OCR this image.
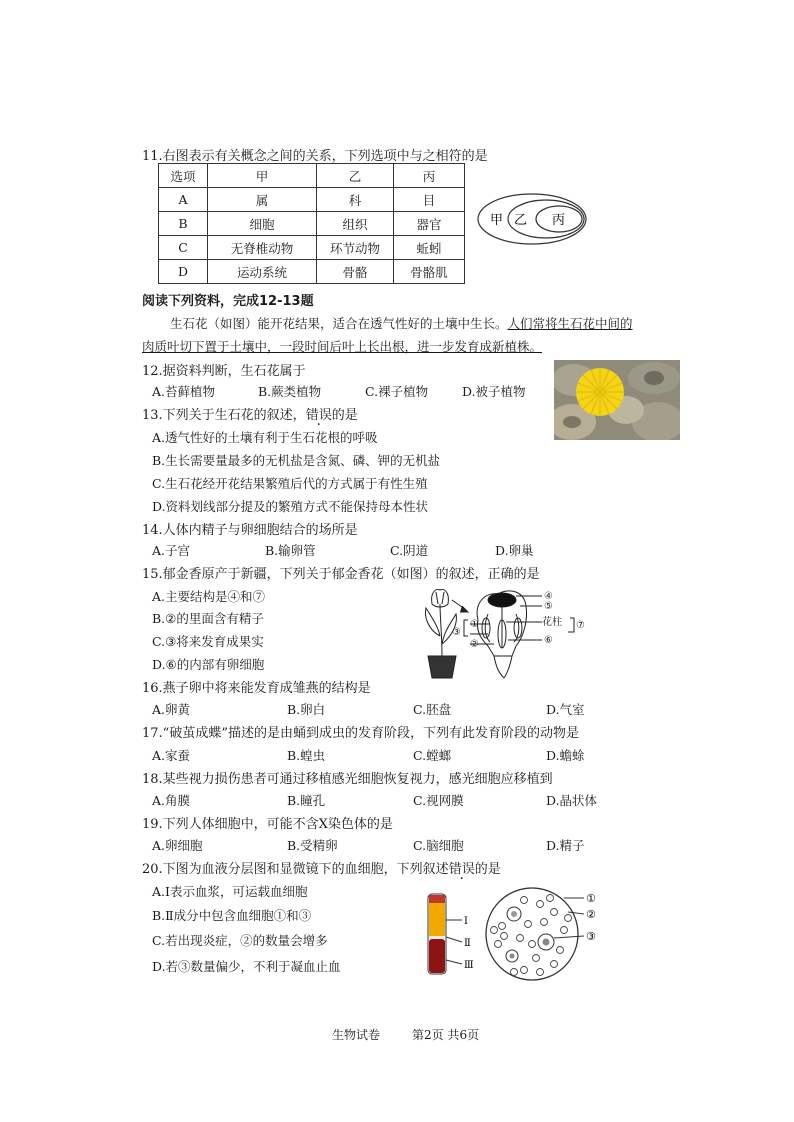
11.右图表示有关概念之间的关系，下列选项中与之相符的是
选项	甲	乙	丙
A	属	科	目
B	细胞	组织	器官
C	无脊椎动物	环节动物	蚯蚓
D	运动系统	骨骼	骨骼肌
甲 乙 丙
阅读下列资料，完成12-13题
生石花（如图）能开花结果，适合在透气性好的土壤中生长。人们常将生石花中间的
肉质叶切下置于土壤中，一段时间后叶上长出根，进一步发育成新植株。
12.据资料判断，生石花属于
A.苔藓植物	B.蕨类植物	C.裸子植物	D.被子植物
13.下列关于生石花的叙述，错误的是
A.透气性好的土壤有利于生石花根的呼吸
B.生长需要量最多的无机盐是含氮、磷、钾的无机盐
C.生石花经开花结果繁殖后代的方式属于有性生殖
D.资料划线部分提及的繁殖方式不能保持母本性状
14.人体内精子与卵细胞结合的场所是
A.子宫	B.输卵管	C.阴道	D.卵巢
15.郁金香原产于新疆，下列关于郁金香花（如图）的叙述，正确的是
A.主要结构是④和⑦
B.②的里面含有精子
C.③将来发育成果实
D.⑥的内部有卵细胞
④
⑤
花柱 ⑦
⑥
①
③
②
16.燕子卵中将来能发育成雏燕的结构是
A.卵黄	B.卵白	C.胚盘	D.气室
17.“破茧成蝶”描述的是由蛹到成虫的发育阶段，下列有此发育阶段的动物是
A.家蚕	B.蝗虫	C.螳螂	D.蟾蜍
18.某些视力损伤患者可通过移植感光细胞恢复视力，感光细胞应移植到
A.角膜	B.瞳孔	C.视网膜	D.晶状体
19.下列人体细胞中，可能不含X染色体的是
A.卵细胞	B.受精卵	C.脑细胞	D.精子
20.下图为血液分层图和显微镜下的血细胞，下列叙述错误的是
A.Ⅰ表示血浆，可运载血细胞
B.Ⅱ成分中包含血细胞①和③
C.若出现炎症，②的数量会增多
D.若③数量偏少，不利于凝血止血
Ⅰ
Ⅱ
Ⅲ
①
②
③
生物试卷	第2页 共6页
